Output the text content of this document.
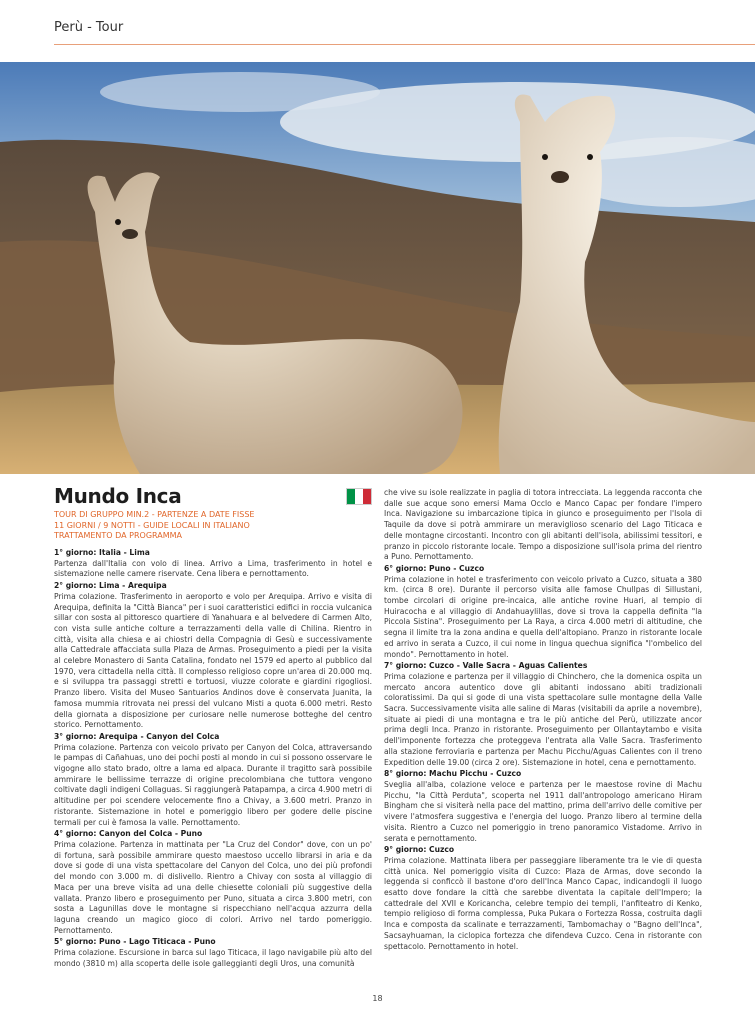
Perù - Tour
Mundo Inca
TOUR DI GRUPPO MIN.2 - PARTENZE A DATE FISSE
11 GIORNI / 9 NOTTI - GUIDE LOCALI IN ITALIANO
TRATTAMENTO DA PROGRAMMA

1° giorno: Italia - Lima

Partenza dall'Italia con volo di linea. Arrivo a Lima, trasferimento in hotel e sistemazione nelle camere riservate. Cena libera e pernottamento.

2° giorno: Lima - Arequipa

Prima colazione. Trasferimento in aeroporto e volo per Arequipa. Arrivo e visita di Arequipa, definita la "Città Bianca" per i suoi caratteristici edifici in roccia vulcanica sillar con sosta al pittoresco quartiere di Yanahuara e al belvedere di Carmen Alto, con vista sulle antiche colture a terrazzamenti della valle di Chilina. Rientro in città, visita alla chiesa e ai chiostri della Compagnia di Gesù e successivamente alla Cattedrale affacciata sulla Plaza de Armas. Proseguimento a piedi per la visita al celebre Monastero di Santa Catalina, fondato nel 1579 ed aperto al pubblico dal 1970, vera cittadella nella città. Il complesso religioso copre un'area di 20.000 mq. e si sviluppa tra passaggi stretti e tortuosi, viuzze colorate e giardini rigogliosi. Pranzo libero. Visita del Museo Santuarios Andinos dove è conservata Juanita, la famosa mummia ritrovata nei pressi del vulcano Misti a quota 6.000 metri. Resto della giornata a disposizione per curiosare nelle numerose botteghe del centro storico. Pernottamento.

3° giorno: Arequipa - Canyon del Colca

Prima colazione. Partenza con veicolo privato per Canyon del Colca, attraversando le pampas di Cañahuas, uno dei pochi posti al mondo in cui si possono osservare le vigogne allo stato brado, oltre a lama ed alpaca. Durante il tragitto sarà possibile ammirare le bellissime terrazze di origine precolombiana che tuttora vengono coltivate dagli indigeni Collaguas. Si raggiungerà Patapampa, a circa 4.900 metri di altitudine per poi scendere velocemente fino a Chivay, a 3.600 metri. Pranzo in ristorante. Sistemazione in hotel e pomeriggio libero per godere delle piscine termali per cui è famosa la valle. Pernottamento.

4° giorno: Canyon del Colca - Puno

Prima colazione. Partenza in mattinata per "La Cruz del Condor" dove, con un po' di fortuna, sarà possibile ammirare questo maestoso uccello librarsi in aria e da dove si gode di una vista spettacolare del Canyon del Colca, uno dei più profondi del mondo con 3.000 m. di dislivello. Rientro a Chivay con sosta al villaggio di Maca per una breve visita ad una delle chiesette coloniali più suggestive della vallata. Pranzo libero e proseguimento per Puno, situata a circa 3.800 metri, con sosta a Lagunillas dove le montagne si rispecchiano nell'acqua azzurra della laguna creando un magico gioco di colori. Arrivo nel tardo pomeriggio. Pernottamento.

5° giorno: Puno - Lago Titicaca - Puno

Prima colazione. Escursione in barca sul lago Titicaca, il lago navigabile più alto del mondo (3810 m) alla scoperta delle isole galleggianti degli Uros, una comunità

che vive su isole realizzate in paglia di totora intrecciata. La leggenda racconta che dalle sue acque sono emersi Mama Occlo e Manco Capac per fondare l'impero Inca. Navigazione su imbarcazione tipica in giunco e proseguimento per l'Isola di Taquile da dove si potrà ammirare un meraviglioso scenario del Lago Titicaca e delle montagne circostanti. Incontro con gli abitanti dell'isola, abilissimi tessitori, e pranzo in piccolo ristorante locale. Tempo a disposizione sull'isola prima del rientro a Puno. Pernottamento.

6° giorno: Puno - Cuzco

Prima colazione in hotel e trasferimento con veicolo privato a Cuzco, situata a 380 km. (circa 8 ore). Durante il percorso visita alle famose Chullpas di Sillustani, tombe circolari di origine pre-incaica, alle antiche rovine Huari, al tempio di Huiracocha e al villaggio di Andahuaylillas, dove si trova la cappella definita "la Piccola Sistina". Proseguimento per La Raya, a circa 4.000 metri di altitudine, che segna il limite tra la zona andina e quella dell'altopiano. Pranzo in ristorante locale ed arrivo in serata a Cuzco, il cui nome in lingua quechua significa "l'ombelico del mondo". Pernottamento in hotel.

7° giorno: Cuzco - Valle Sacra - Aguas Calientes

Prima colazione e partenza per il villaggio di Chinchero, che la domenica ospita un mercato ancora autentico dove gli abitanti indossano abiti tradizionali coloratissimi. Da qui si gode di una vista spettacolare sulle montagne della Valle Sacra. Successivamente visita alle saline di Maras (visitabili da aprile a novembre), situate ai piedi di una montagna e tra le più antiche del Perù, utilizzate ancor prima degli Inca. Pranzo in ristorante. Proseguimento per Ollantaytambo e visita dell'imponente fortezza che proteggeva l'entrata alla Valle Sacra. Trasferimento alla stazione ferroviaria e partenza per Machu Picchu/Aguas Calientes con il treno Expedition delle 19.00 (circa 2 ore). Sistemazione in hotel, cena e pernottamento.

8° giorno: Machu Picchu - Cuzco

Sveglia all'alba, colazione veloce e partenza per le maestose rovine di Machu Picchu, "la Città Perduta", scoperta nel 1911 dall'antropologo americano Hiram Bingham che si visiterà nella pace del mattino, prima dell'arrivo delle comitive per vivere l'atmosfera suggestiva e l'energia del luogo. Pranzo libero al termine della visita. Rientro a Cuzco nel pomeriggio in treno panoramico Vistadome. Arrivo in serata e pernottamento.

9° giorno: Cuzco

Prima colazione. Mattinata libera per passeggiare liberamente tra le vie di questa città unica. Nel pomeriggio visita di Cuzco: Plaza de Armas, dove secondo la leggenda si conficcò il bastone d'oro dell'Inca Manco Capac, indicandogli il luogo esatto dove fondare la città che sarebbe diventata la capitale dell'Impero; la cattedrale del XVII e Koricancha, celebre tempio dei templi, l'anfiteatro di Kenko, tempio religioso di forma complessa, Puka Pukara o Fortezza Rossa, costruita dagli Inca e composta da scalinate e terrazzamenti, Tambomachay o "Bagno dell'Inca", Sacsayhuaman, la ciclopica fortezza che difendeva Cuzco. Cena in ristorante con spettacolo. Pernottamento in hotel.

18
